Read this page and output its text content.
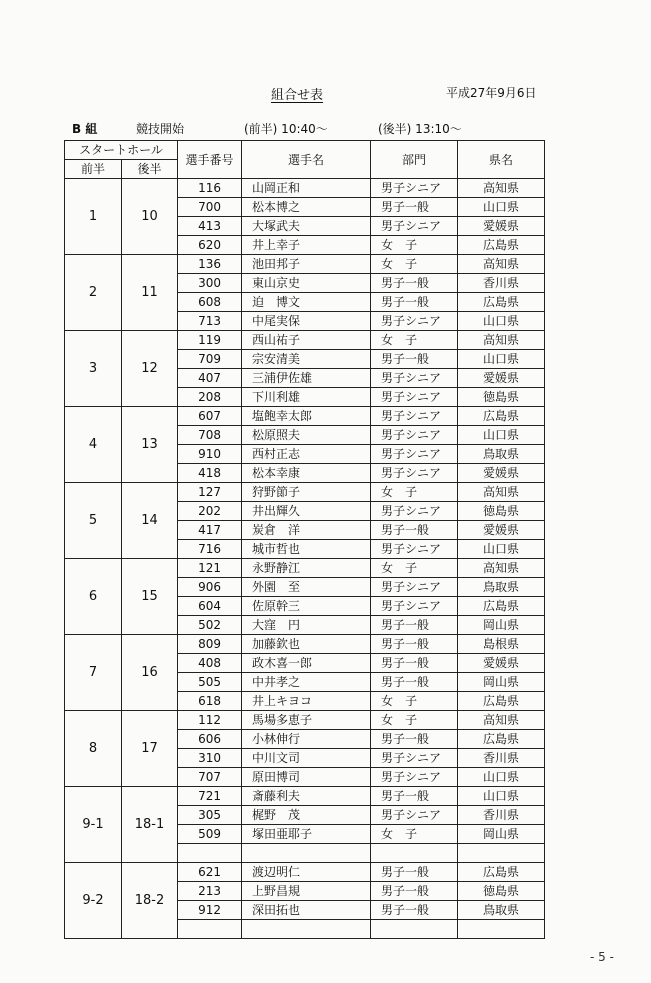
組合せ表	平成27年9月6日
B 組	競技開始	(前半) 10:40～	(後半) 13:10～
スタートホール		選手番号	選手名	部門	県名
前半	後半				
1	10	116	山岡正和	男子シニア	高知県
		700	松本博之	男子一般	山口県
		413	大塚武夫	男子シニア	愛媛県
		620	井上幸子	女　子	広島県
2	11	136	池田邦子	女　子	高知県
		300	東山京史	男子一般	香川県
		608	迫　博文	男子一般	広島県
		713	中尾実保	男子シニア	山口県
3	12	119	西山祐子	女　子	高知県
		709	宗安清美	男子一般	山口県
		407	三浦伊佐雄	男子シニア	愛媛県
		208	下川利雄	男子シニア	徳島県
4	13	607	塩飽幸太郎	男子シニア	広島県
		708	松原照夫	男子シニア	山口県
		910	西村正志	男子シニア	鳥取県
		418	松本幸康	男子シニア	愛媛県
5	14	127	狩野節子	女　子	高知県
		202	井出輝久	男子シニア	徳島県
		417	炭倉　洋	男子一般	愛媛県
		716	城市哲也	男子シニア	山口県
6	15	121	永野静江	女　子	高知県
		906	外園　至	男子シニア	鳥取県
		604	佐原幹三	男子シニア	広島県
		502	大窪　円	男子一般	岡山県
7	16	809	加藤欽也	男子一般	島根県
		408	政木喜一郎	男子一般	愛媛県
		505	中井孝之	男子一般	岡山県
		618	井上キヨコ	女　子	広島県
8	17	112	馬場多恵子	女　子	高知県
		606	小林伸行	男子一般	広島県
		310	中川文司	男子シニア	香川県
		707	原田博司	男子シニア	山口県
9-1	18-1	721	斎藤利夫	男子一般	山口県
		305	梶野　茂	男子シニア	香川県
		509	塚田亜耶子	女　子	岡山県

9-2	18-2	621	渡辺明仁	男子一般	広島県
		213	上野昌規	男子一般	徳島県
		912	深田拓也	男子一般	鳥取県

- 5 -
